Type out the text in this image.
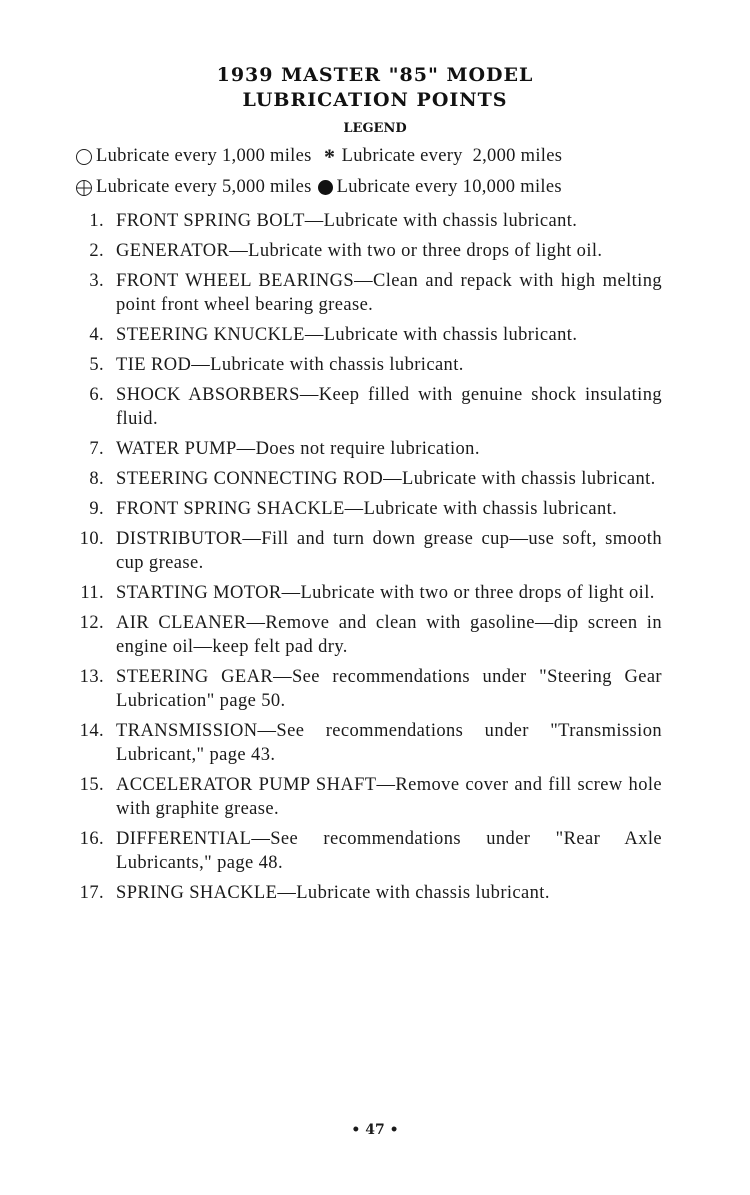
1939 MASTER "85" MODEL
LUBRICATION POINTS
LEGEND
Lubricate every 1,000 miles * Lubricate every  2,000 miles
Lubricate every 5,000 miles Lubricate every 10,000 miles
1. FRONT SPRING BOLT—Lubricate with chassis lubricant.
2. GENERATOR—Lubricate with two or three drops of light oil.
3. FRONT WHEEL BEARINGS—Clean and repack with high melting point front wheel bearing grease.
4. STEERING KNUCKLE—Lubricate with chassis lubricant.
5. TIE ROD—Lubricate with chassis lubricant.
6. SHOCK ABSORBERS—Keep filled with genuine shock insulating fluid.
7. WATER PUMP—Does not require lubrication.
8. STEERING CONNECTING ROD—Lubricate with chassis lubricant.
9. FRONT SPRING SHACKLE—Lubricate with chassis lubricant.
10. DISTRIBUTOR—Fill and turn down grease cup—use soft, smooth cup grease.
11. STARTING MOTOR—Lubricate with two or three drops of light oil.
12. AIR CLEANER—Remove and clean with gasoline—dip screen in engine oil—keep felt pad dry.
13. STEERING GEAR—See recommendations under "Steering Gear Lubrication" page 50.
14. TRANSMISSION—See recommendations under "Transmission Lubricant," page 43.
15. ACCELERATOR PUMP SHAFT—Remove cover and fill screw hole with graphite grease.
16. DIFFERENTIAL—See recommendations under "Rear Axle Lubricants," page 48.
17. SPRING SHACKLE—Lubricate with chassis lubricant.
• 47 •
